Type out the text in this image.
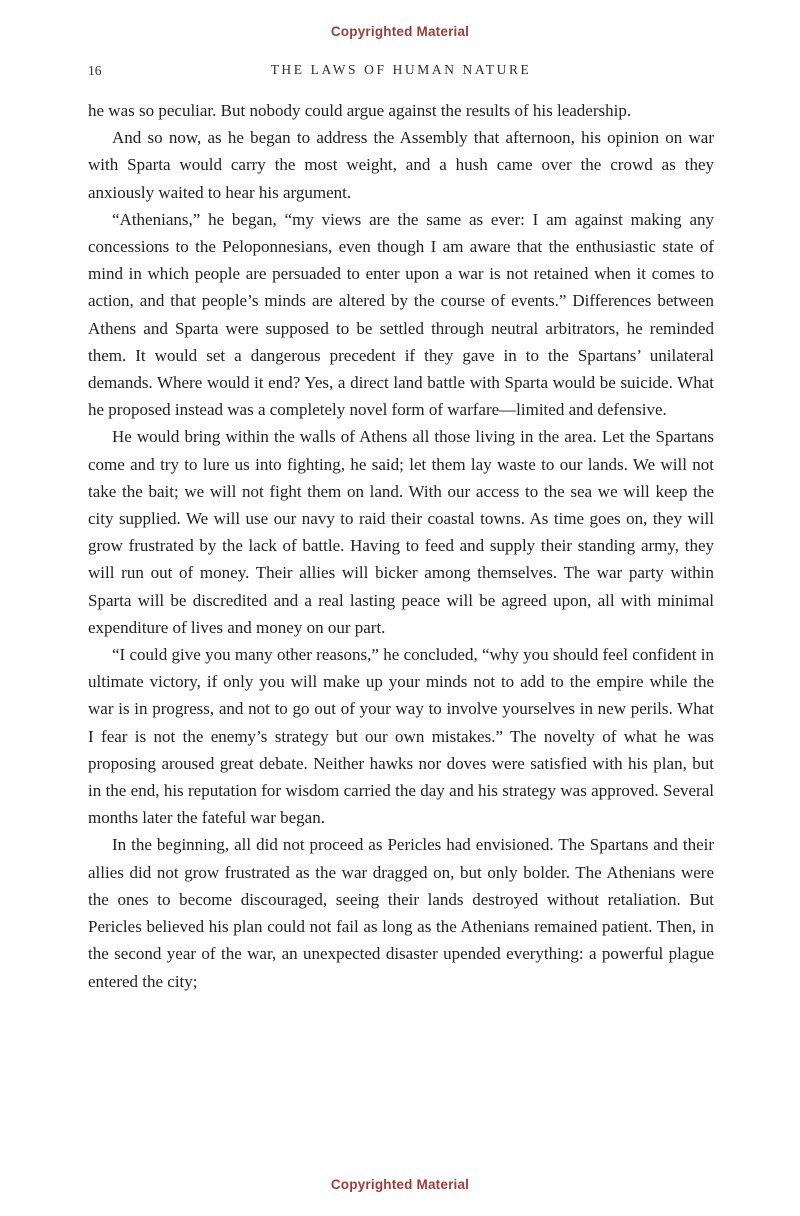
Copyrighted Material
16	THE LAWS OF HUMAN NATURE

he was so peculiar. But nobody could argue against the results of his leadership.

And so now, as he began to address the Assembly that afternoon, his opinion on war with Sparta would carry the most weight, and a hush came over the crowd as they anxiously waited to hear his argument.

“Athenians,” he began, “my views are the same as ever: I am against making any concessions to the Peloponnesians, even though I am aware that the enthusiastic state of mind in which people are persuaded to enter upon a war is not retained when it comes to action, and that people’s minds are altered by the course of events.” Differences between Athens and Sparta were supposed to be settled through neutral arbitrators, he reminded them. It would set a dangerous precedent if they gave in to the Spartans’ unilateral demands. Where would it end? Yes, a direct land battle with Sparta would be suicide. What he proposed instead was a completely novel form of warfare—limited and defensive.

He would bring within the walls of Athens all those living in the area. Let the Spartans come and try to lure us into fighting, he said; let them lay waste to our lands. We will not take the bait; we will not fight them on land. With our access to the sea we will keep the city supplied. We will use our navy to raid their coastal towns. As time goes on, they will grow frustrated by the lack of battle. Having to feed and supply their standing army, they will run out of money. Their allies will bicker among themselves. The war party within Sparta will be discredited and a real lasting peace will be agreed upon, all with minimal expenditure of lives and money on our part.

“I could give you many other reasons,” he concluded, “why you should feel confident in ultimate victory, if only you will make up your minds not to add to the empire while the war is in progress, and not to go out of your way to involve yourselves in new perils. What I fear is not the enemy’s strategy but our own mistakes.” The novelty of what he was proposing aroused great debate. Neither hawks nor doves were satisfied with his plan, but in the end, his reputation for wisdom carried the day and his strategy was approved. Several months later the fateful war began.

In the beginning, all did not proceed as Pericles had envisioned. The Spartans and their allies did not grow frustrated as the war dragged on, but only bolder. The Athenians were the ones to become discouraged, seeing their lands destroyed without retaliation. But Pericles believed his plan could not fail as long as the Athenians remained patient. Then, in the second year of the war, an unexpected disaster upended everything: a powerful plague entered the city;

Copyrighted Material
